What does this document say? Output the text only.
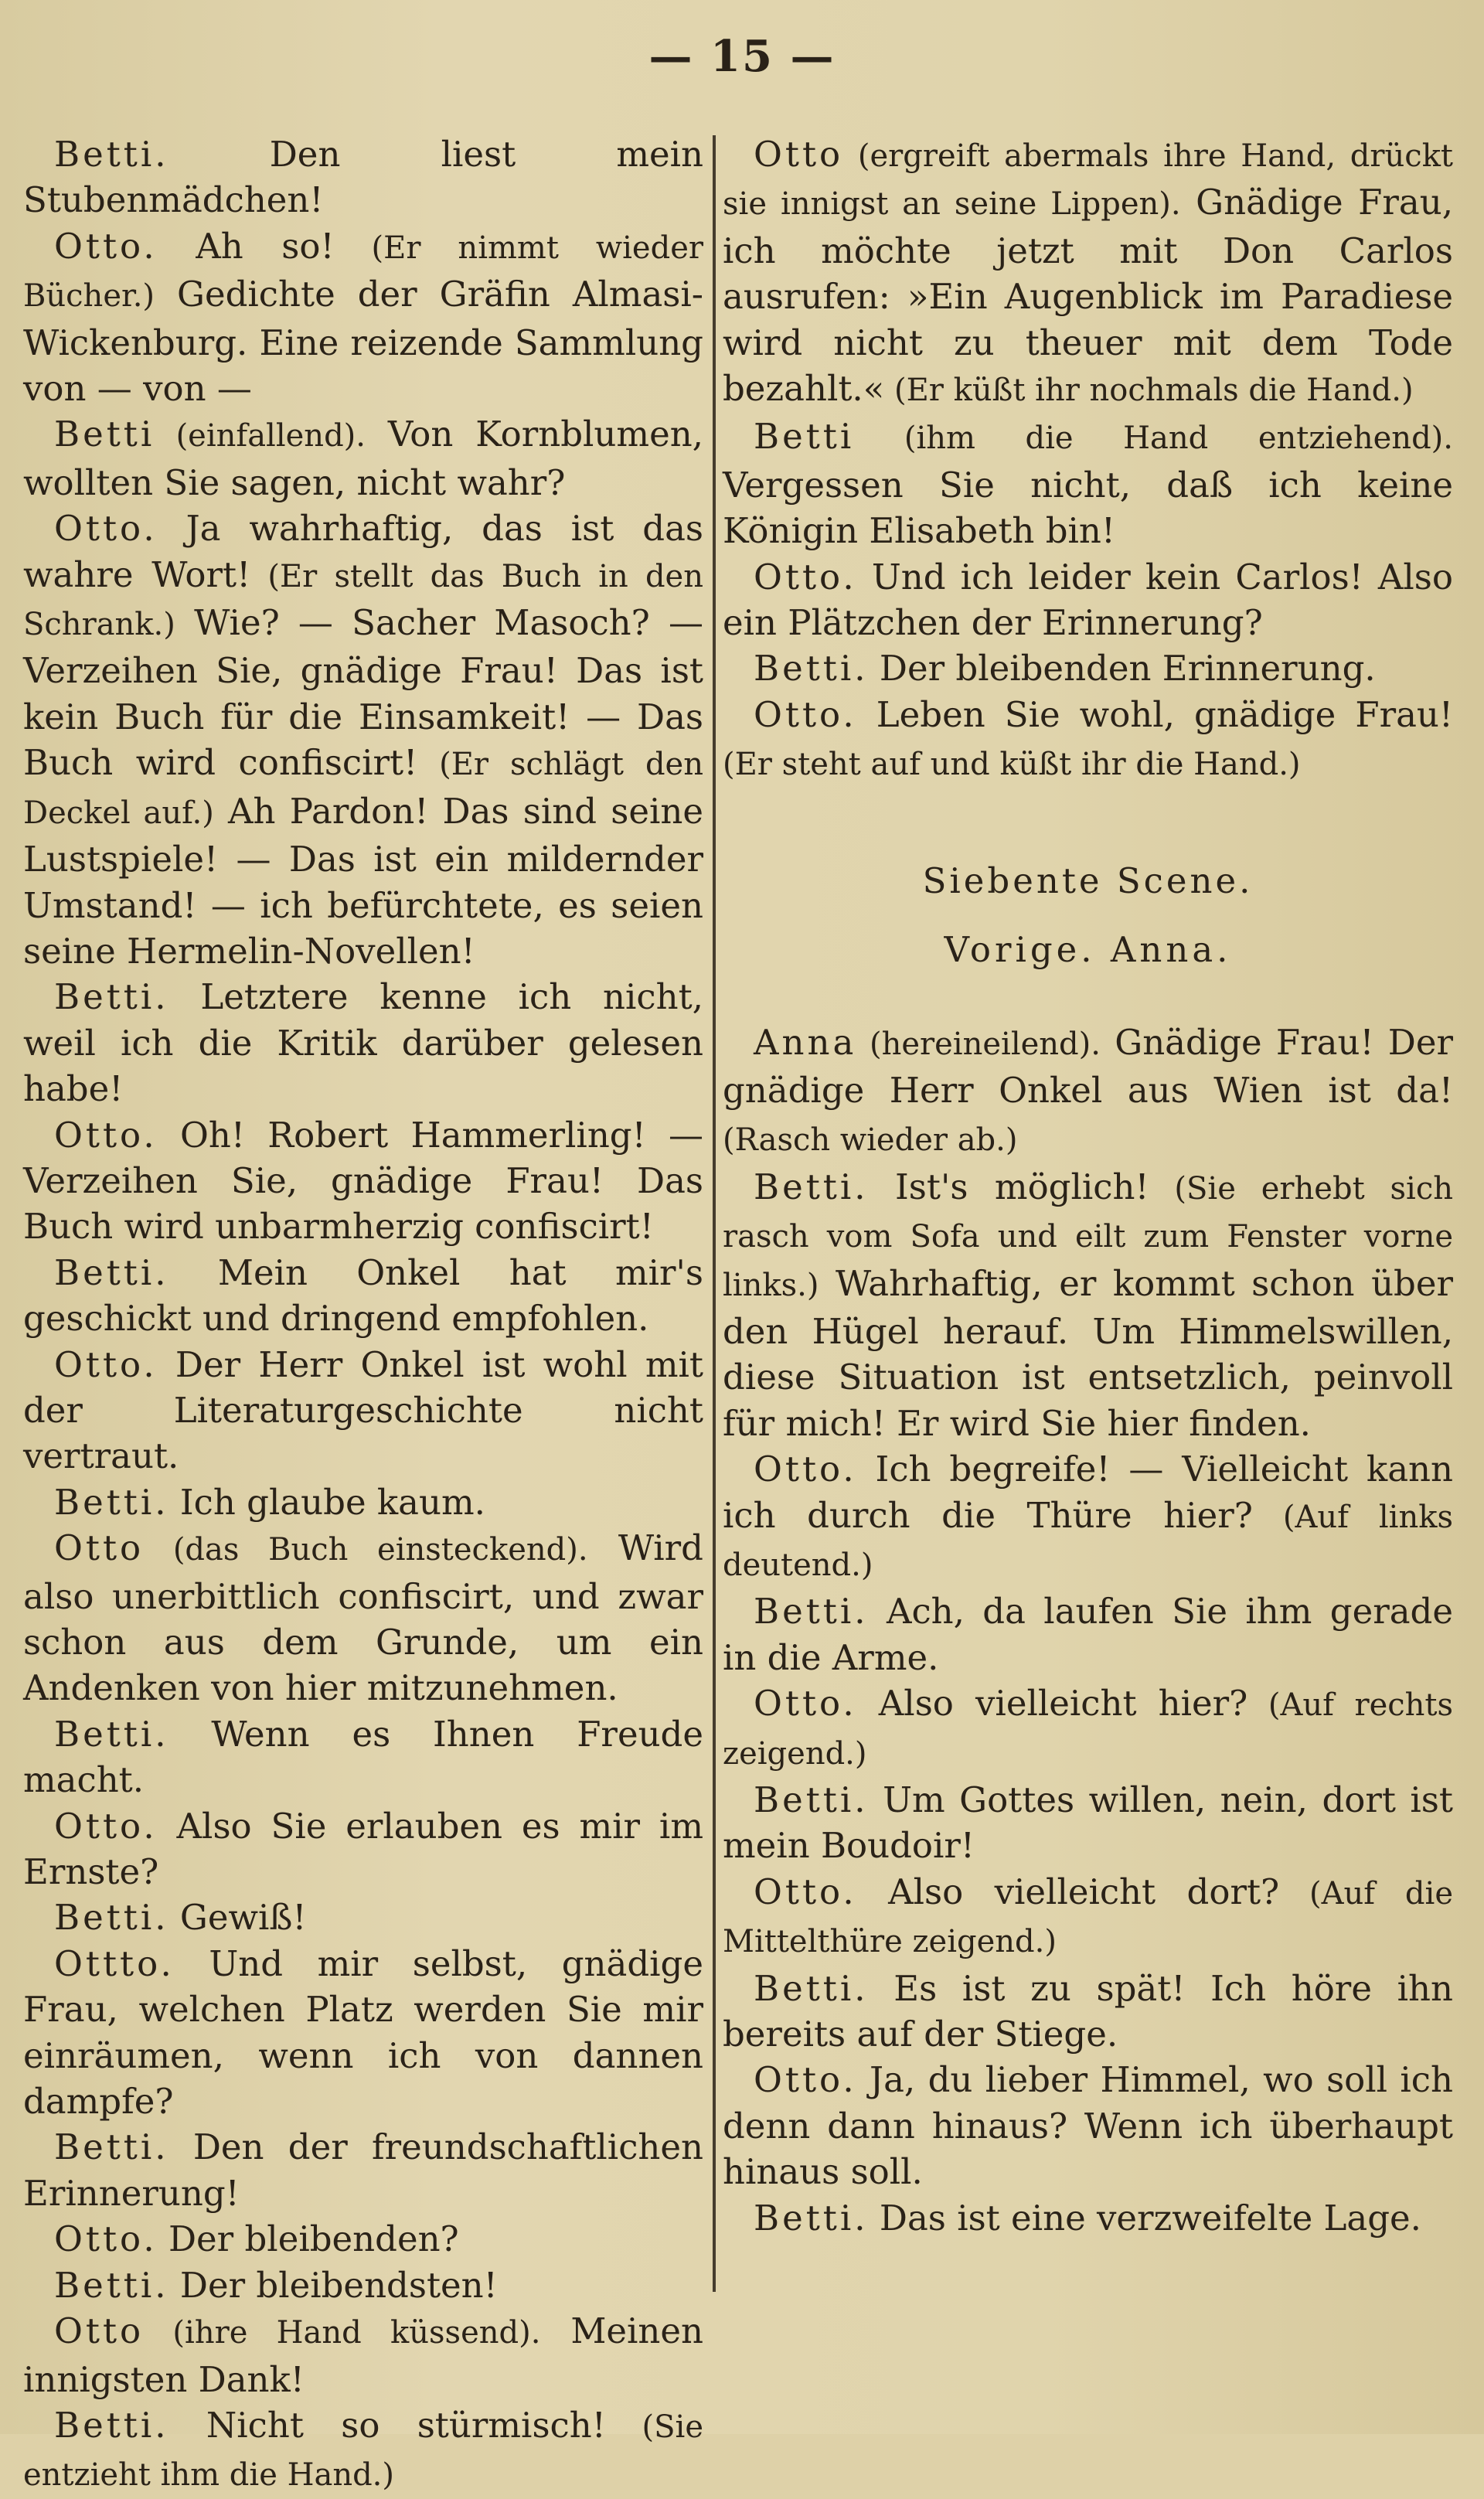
— 15 —

Betti. Den liest mein Stubenmädchen!

Otto. Ah so! (Er nimmt wieder Bücher.) Gedichte der Gräfin Almasi-Wickenburg. Eine reizende Sammlung von — von —

Betti (einfallend). Von Kornblumen, wollten Sie sagen, nicht wahr?

Otto. Ja wahrhaftig, das ist das wahre Wort! (Er stellt das Buch in den Schrank.) Wie? — Sacher Masoch? — Verzeihen Sie, gnädige Frau! Das ist kein Buch für die Einsamkeit! — Das Buch wird confiscirt! (Er schlägt den Deckel auf.) Ah Pardon! Das sind seine Lustspiele! — Das ist ein mildernder Umstand! — ich befürchtete, es seien seine Hermelin-Novellen!

Betti. Letztere kenne ich nicht, weil ich die Kritik darüber gelesen habe!

Otto. Oh! Robert Hammerling! — Verzeihen Sie, gnädige Frau! Das Buch wird unbarmherzig confiscirt!

Betti. Mein Onkel hat mir's geschickt und dringend empfohlen.

Otto. Der Herr Onkel ist wohl mit der Literaturgeschichte nicht vertraut.

Betti. Ich glaube kaum.

Otto (das Buch einsteckend). Wird also unerbittlich confiscirt, und zwar schon aus dem Grunde, um ein Andenken von hier mitzunehmen.

Betti. Wenn es Ihnen Freude macht.

Otto. Also Sie erlauben es mir im Ernste?

Betti. Gewiß!

Ottto. Und mir selbst, gnädige Frau, welchen Platz werden Sie mir einräumen, wenn ich von dannen dampfe?

Betti. Den der freundschaftlichen Erinnerung!

Otto. Der bleibenden?

Betti. Der bleibendsten!

Otto (ihre Hand küssend). Meinen innigsten Dank!

Betti. Nicht so stürmisch! (Sie entzieht ihm die Hand.)

Otto (ergreift abermals ihre Hand, drückt sie innigst an seine Lippen). Gnädige Frau, ich möchte jetzt mit Don Carlos ausrufen: »Ein Augenblick im Paradiese wird nicht zu theuer mit dem Tode bezahlt.« (Er küßt ihr nochmals die Hand.)

Betti (ihm die Hand entziehend). Vergessen Sie nicht, daß ich keine Königin Elisabeth bin!

Otto. Und ich leider kein Carlos! Also ein Plätzchen der Erinnerung?

Betti. Der bleibenden Erinnerung.

Otto. Leben Sie wohl, gnädige Frau! (Er steht auf und küßt ihr die Hand.)

Siebente Scene.

Vorige. Anna.

Anna (hereineilend). Gnädige Frau! Der gnädige Herr Onkel aus Wien ist da! (Rasch wieder ab.)

Betti. Ist's möglich! (Sie erhebt sich rasch vom Sofa und eilt zum Fenster vorne links.) Wahrhaftig, er kommt schon über den Hügel herauf. Um Himmelswillen, diese Situation ist entsetzlich, peinvoll für mich! Er wird Sie hier finden.

Otto. Ich begreife! — Vielleicht kann ich durch die Thüre hier? (Auf links deutend.)

Betti. Ach, da laufen Sie ihm gerade in die Arme.

Otto. Also vielleicht hier? (Auf rechts zeigend.)

Betti. Um Gottes willen, nein, dort ist mein Boudoir!

Otto. Also vielleicht dort? (Auf die Mittelthüre zeigend.)

Betti. Es ist zu spät! Ich höre ihn bereits auf der Stiege.

Otto. Ja, du lieber Himmel, wo soll ich denn dann hinaus? Wenn ich überhaupt hinaus soll.

Betti. Das ist eine verzweifelte Lage.
